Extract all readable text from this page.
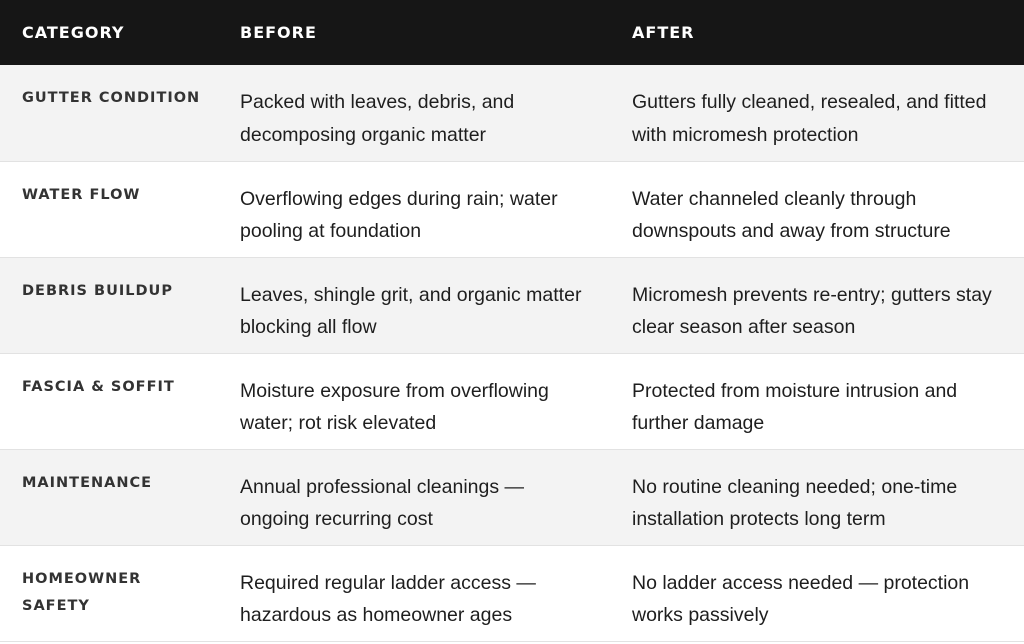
CATEGORY	BEFORE	AFTER

GUTTER CONDITION	Packed with leaves, debris, and decomposing organic matter	Gutters fully cleaned, resealed, and fitted with micromesh protection

WATER FLOW	Overflowing edges during rain; water pooling at foundation	Water channeled cleanly through downspouts and away from structure

DEBRIS BUILDUP	Leaves, shingle grit, and organic matter blocking all flow	Micromesh prevents re-entry; gutters stay clear season after season

FASCIA & SOFFIT	Moisture exposure from overflowing water; rot risk elevated	Protected from moisture intrusion and further damage

MAINTENANCE	Annual professional cleanings — ongoing recurring cost	No routine cleaning needed; one-time installation protects long term

HOMEOWNER SAFETY	Required regular ladder access — hazardous as homeowner ages	No ladder access needed — protection works passively
